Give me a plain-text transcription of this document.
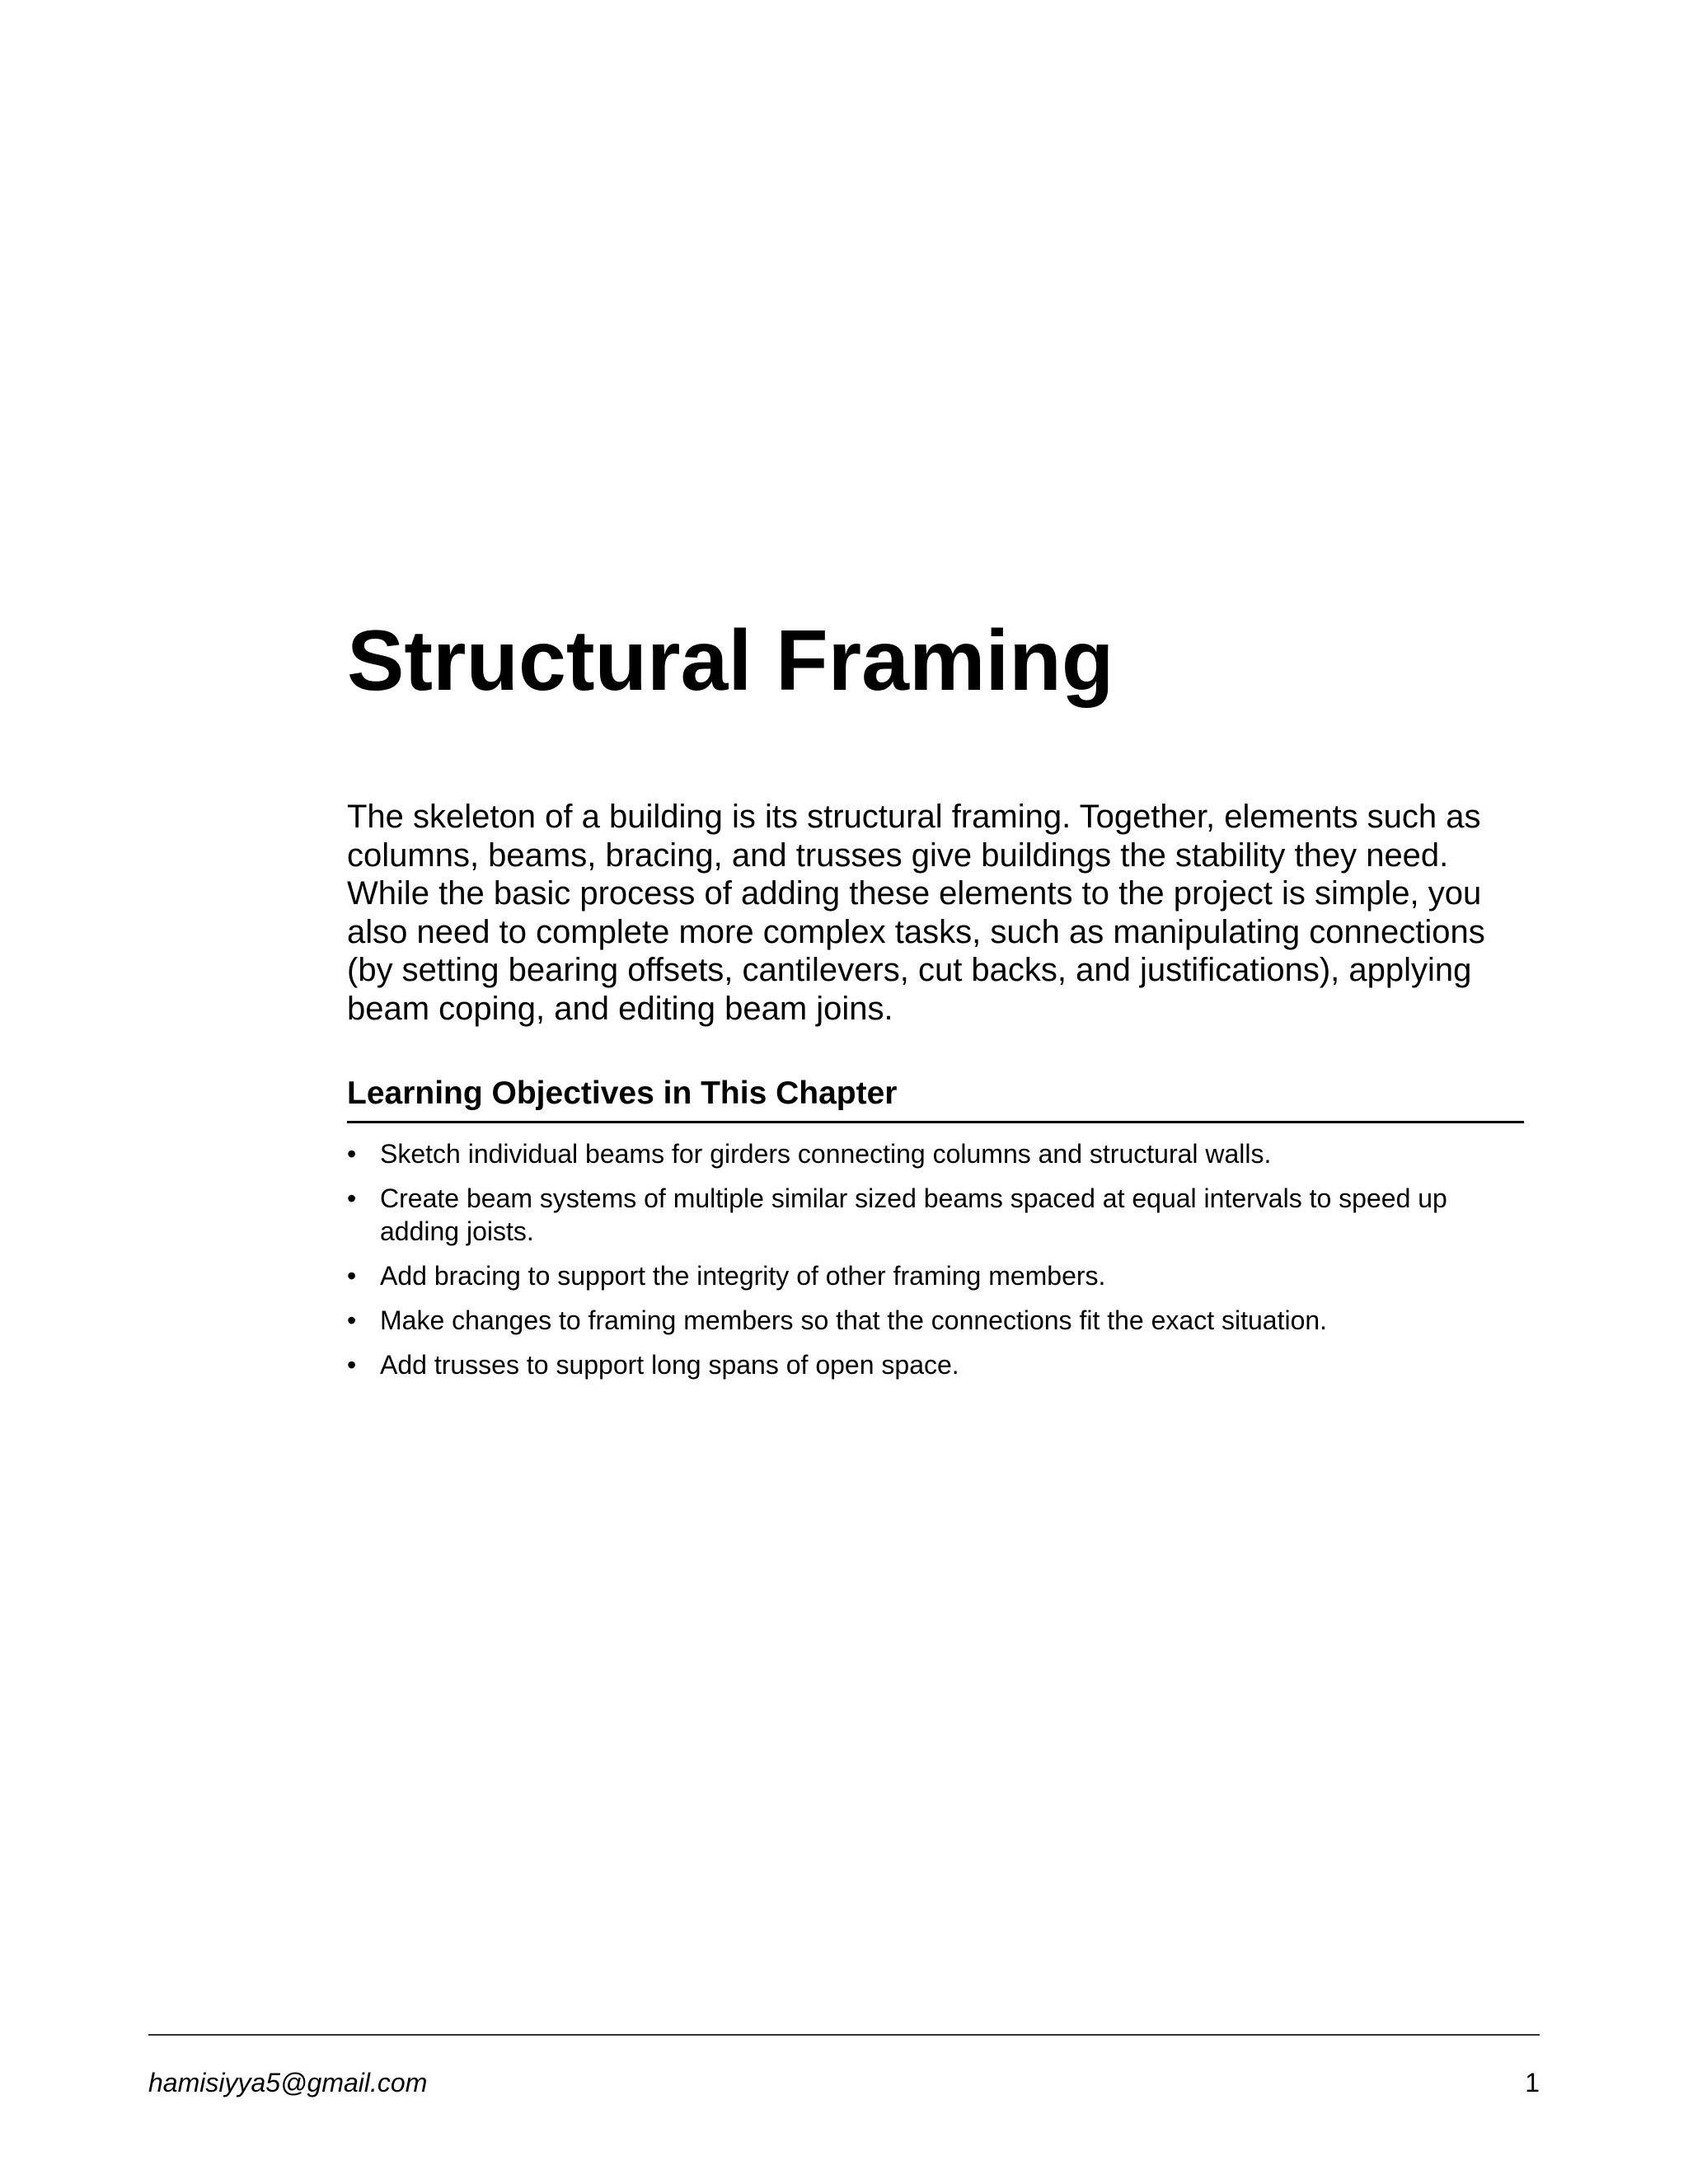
Structural Framing

The skeleton of a building is its structural framing. Together, elements such as columns, beams, bracing, and trusses give buildings the stability they need. While the basic process of adding these elements to the project is simple, you also need to complete more complex tasks, such as manipulating connections (by setting bearing offsets, cantilevers, cut backs, and justifications), applying beam coping, and editing beam joins.

Learning Objectives in This Chapter
• Sketch individual beams for girders connecting columns and structural walls.
• Create beam systems of multiple similar sized beams spaced at equal intervals to speed up adding joists.
• Add bracing to support the integrity of other framing members.
• Make changes to framing members so that the connections fit the exact situation.
• Add trusses to support long spans of open space.
hamisiyya5@gmail.com	1
